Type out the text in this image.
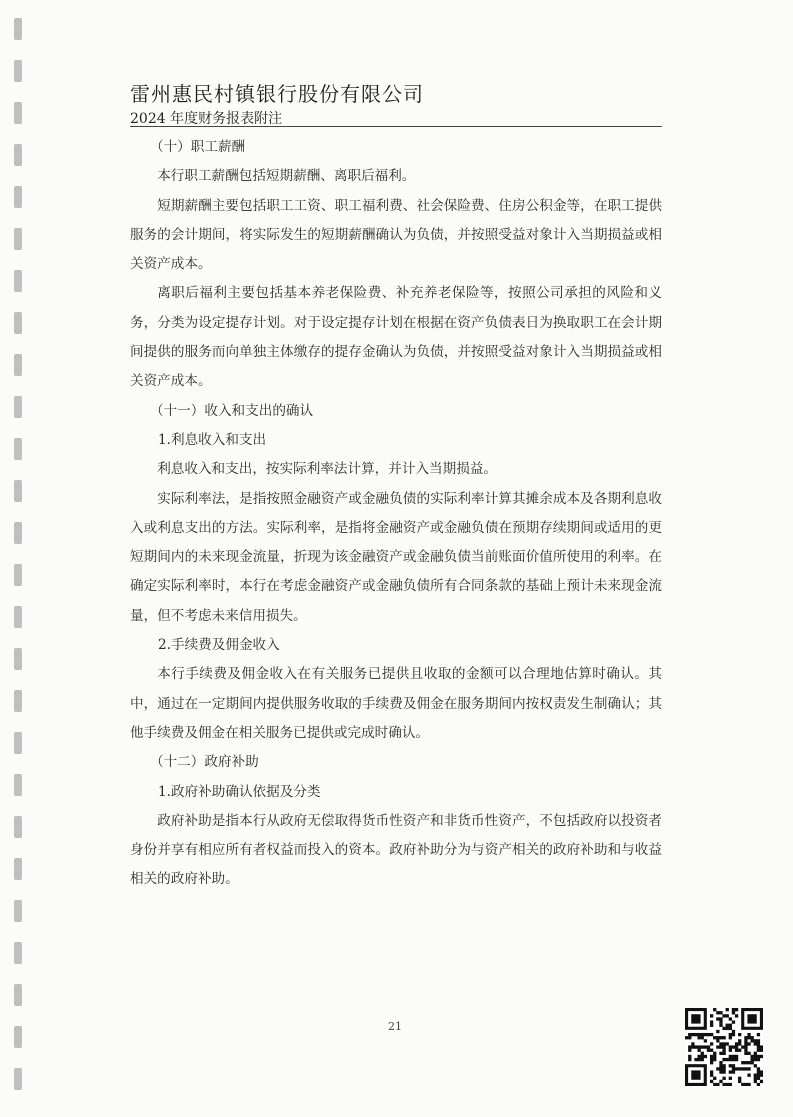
雷州惠民村镇银行股份有限公司
2024 年度财务报表附注

（十）职工薪酬

本行职工薪酬包括短期薪酬、离职后福利。

短期薪酬主要包括职工工资、职工福利费、社会保险费、住房公积金等，在职工提供服务的会计期间，将实际发生的短期薪酬确认为负债，并按照受益对象计入当期损益或相关资产成本。

离职后福利主要包括基本养老保险费、补充养老保险等，按照公司承担的风险和义务，分类为设定提存计划。对于设定提存计划在根据在资产负债表日为换取职工在会计期间提供的服务而向单独主体缴存的提存金确认为负债，并按照受益对象计入当期损益或相关资产成本。

（十一）收入和支出的确认

1.利息收入和支出

利息收入和支出，按实际利率法计算，并计入当期损益。

实际利率法，是指按照金融资产或金融负债的实际利率计算其摊余成本及各期利息收入或利息支出的方法。实际利率，是指将金融资产或金融负债在预期存续期间或适用的更短期间内的未来现金流量，折现为该金融资产或金融负债当前账面价值所使用的利率。在确定实际利率时，本行在考虑金融资产或金融负债所有合同条款的基础上预计未来现金流量，但不考虑未来信用损失。

2.手续费及佣金收入

本行手续费及佣金收入在有关服务已提供且收取的金额可以合理地估算时确认。其中，通过在一定期间内提供服务收取的手续费及佣金在服务期间内按权责发生制确认；其他手续费及佣金在相关服务已提供或完成时确认。

（十二）政府补助

1.政府补助确认依据及分类

政府补助是指本行从政府无偿取得货币性资产和非货币性资产，不包括政府以投资者身份并享有相应所有者权益而投入的资本。政府补助分为与资产相关的政府补助和与收益相关的政府补助。

21
